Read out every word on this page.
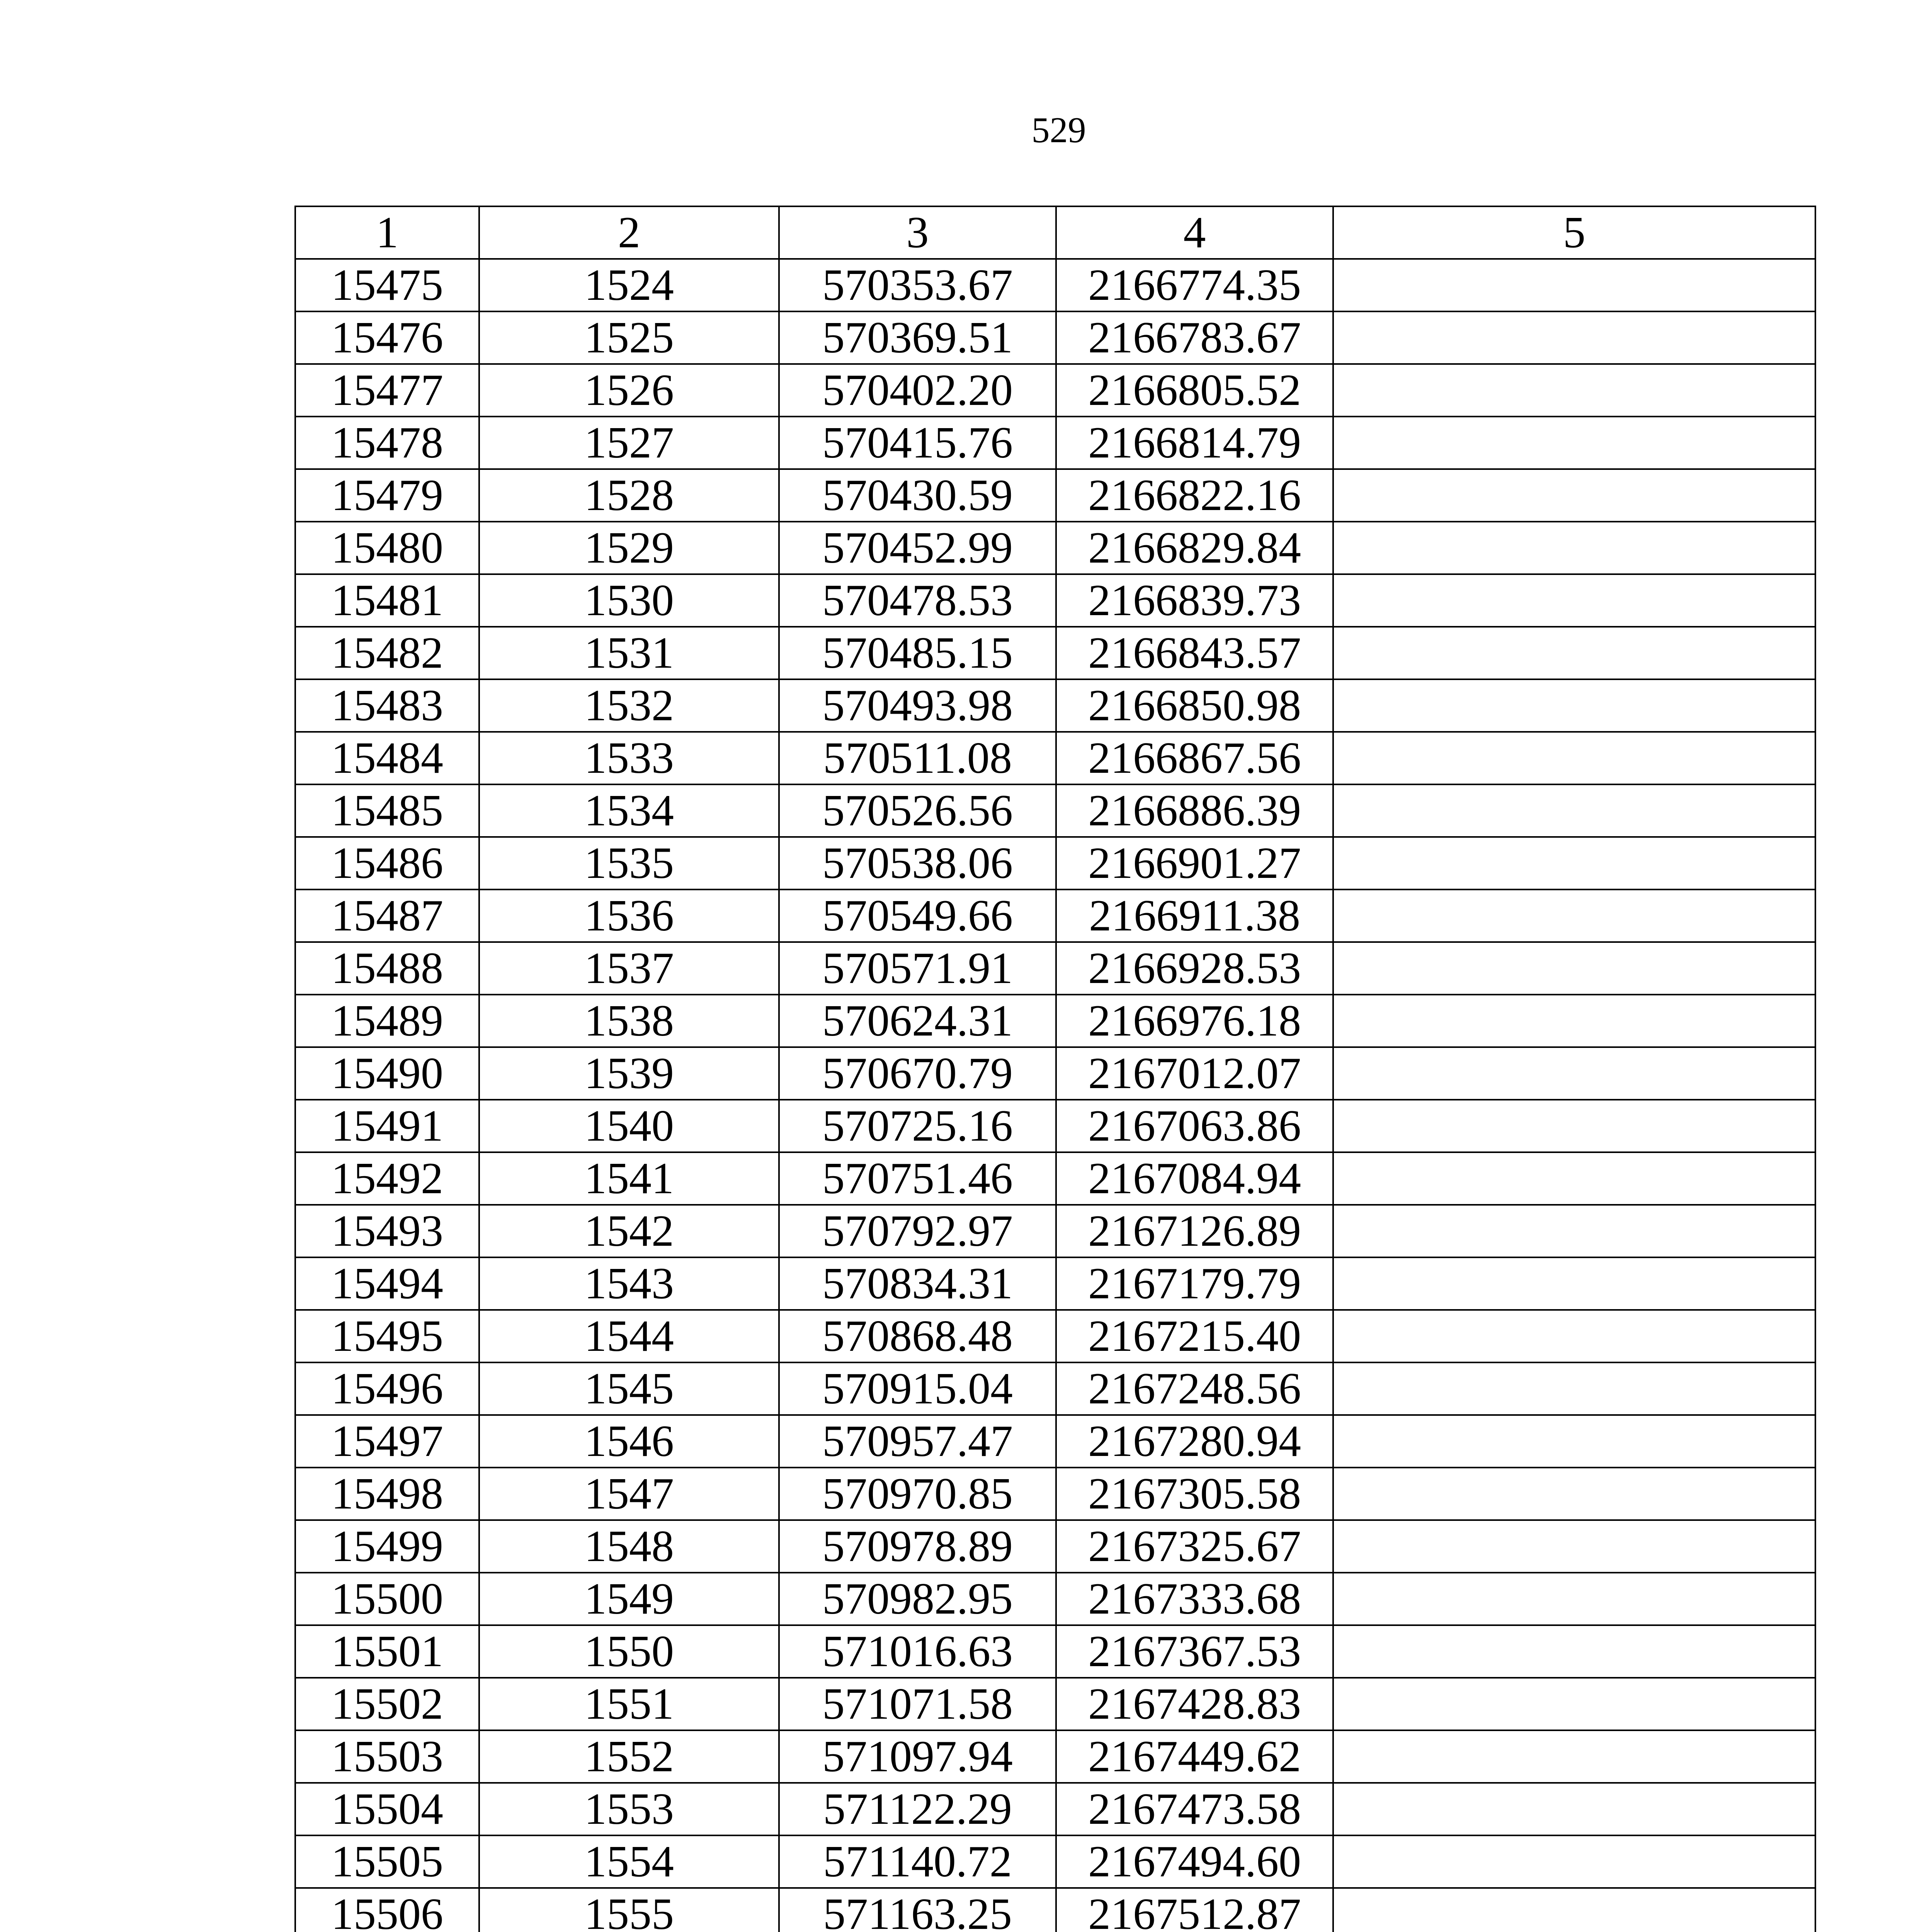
529
1	2	3	4	5
15475	1524	570353.67	2166774.35	
15476	1525	570369.51	2166783.67	
15477	1526	570402.20	2166805.52	
15478	1527	570415.76	2166814.79	
15479	1528	570430.59	2166822.16	
15480	1529	570452.99	2166829.84	
15481	1530	570478.53	2166839.73	
15482	1531	570485.15	2166843.57	
15483	1532	570493.98	2166850.98	
15484	1533	570511.08	2166867.56	
15485	1534	570526.56	2166886.39	
15486	1535	570538.06	2166901.27	
15487	1536	570549.66	2166911.38	
15488	1537	570571.91	2166928.53	
15489	1538	570624.31	2166976.18	
15490	1539	570670.79	2167012.07	
15491	1540	570725.16	2167063.86	
15492	1541	570751.46	2167084.94	
15493	1542	570792.97	2167126.89	
15494	1543	570834.31	2167179.79	
15495	1544	570868.48	2167215.40	
15496	1545	570915.04	2167248.56	
15497	1546	570957.47	2167280.94	
15498	1547	570970.85	2167305.58	
15499	1548	570978.89	2167325.67	
15500	1549	570982.95	2167333.68	
15501	1550	571016.63	2167367.53	
15502	1551	571071.58	2167428.83	
15503	1552	571097.94	2167449.62	
15504	1553	571122.29	2167473.58	
15505	1554	571140.72	2167494.60	
15506	1555	571163.25	2167512.87	
